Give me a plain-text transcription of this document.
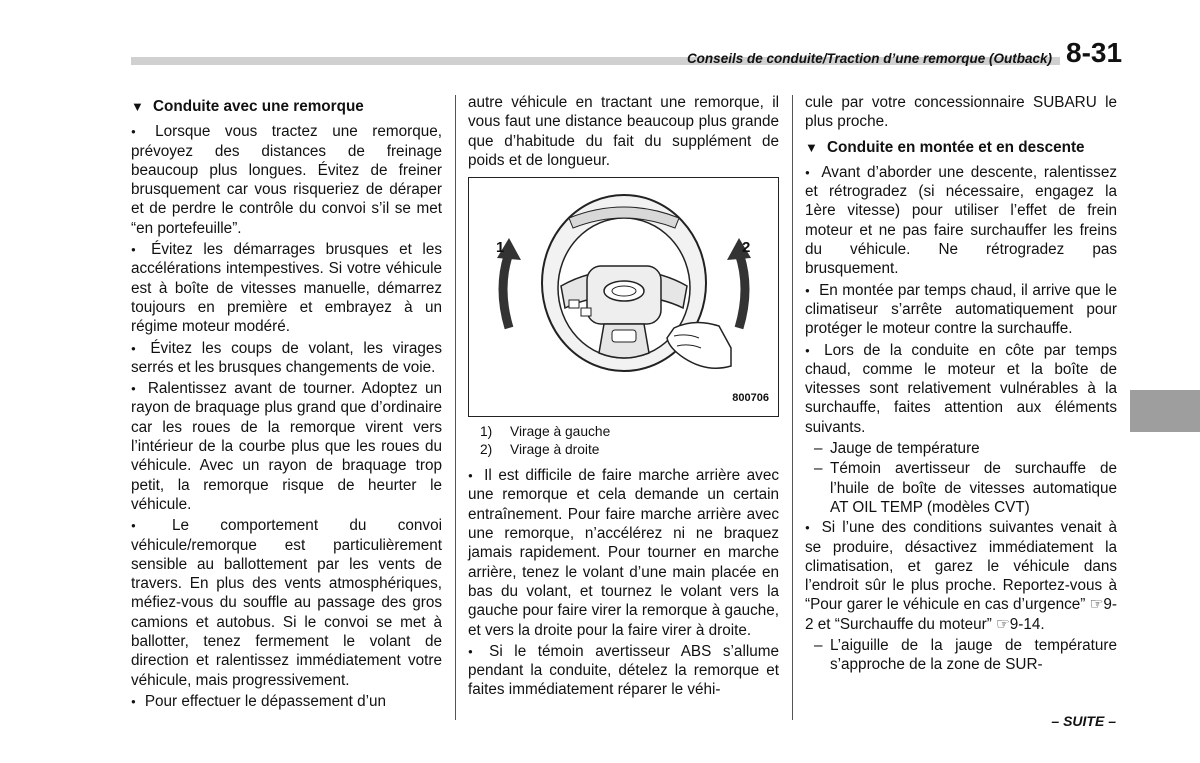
Conseils de conduite/Traction d’une remorque (Outback) 8-31
▼ Conduite avec une remorque

● Lorsque vous tractez une remorque, prévoyez des distances de freinage beaucoup plus longues. Évitez de freiner brusquement car vous risqueriez de déraper et de perdre le contrôle du convoi s’il se met “en portefeuille”.

● Évitez les démarrages brusques et les accélérations intempestives. Si votre véhicule est à boîte de vitesses manuelle, démarrez toujours en première et embrayez à un régime moteur modéré.

● Évitez les coups de volant, les virages serrés et les brusques changements de voie.

● Ralentissez avant de tourner. Adoptez un rayon de braquage plus grand que d’ordinaire car les roues de la remorque virent vers l’intérieur de la courbe plus que les roues du véhicule. Avec un rayon de braquage trop petit, la remorque risque de heurter le véhicule.

● Le comportement du convoi véhicule/remorque est particulièrement sensible au ballottement par les vents de travers. En plus des vents atmosphériques, méfiez-vous du souffle au passage des gros camions et autobus. Si le convoi se met à ballotter, tenez fermement le volant de direction et ralentissez immédiatement votre véhicule, mais progressivement.

● Pour effectuer le dépassement d’un

autre véhicule en tractant une remorque, il vous faut une distance beaucoup plus grande que d’habitude du fait du supplément de poids et de longueur.

1	2
800706
1) Virage à gauche
2) Virage à droite

● Il est difficile de faire marche arrière avec une remorque et cela demande un certain entraînement. Pour faire marche arrière avec une remorque, n’accélérez ni ne braquez jamais rapidement. Pour tourner en marche arrière, tenez le volant d’une main placée en bas du volant, et tournez le volant vers la gauche pour faire virer la remorque à gauche, et vers la droite pour la faire virer à droite.

● Si le témoin avertisseur ABS s’allume pendant la conduite, dételez la remorque et faites immédiatement réparer le véhi-

cule par votre concessionnaire SUBARU le plus proche.

▼ Conduite en montée et en descente

● Avant d’aborder une descente, ralentissez et rétrogradez (si nécessaire, engagez la 1ère vitesse) pour utiliser l’effet de frein moteur et ne pas faire surchauffer les freins du véhicule. Ne rétrogradez pas brusquement.

● En montée par temps chaud, il arrive que le climatiseur s’arrête automatiquement pour protéger le moteur contre la surchauffe.

● Lors de la conduite en côte par temps chaud, comme le moteur et la boîte de vitesses sont relativement vulnérables à la surchauffe, faites attention aux éléments suivants.

– Jauge de température

– Témoin avertisseur de surchauffe de l’huile de boîte de vitesses automatique AT OIL TEMP (modèles CVT)

● Si l’une des conditions suivantes venait à se produire, désactivez immédiatement la climatisation, et garez le véhicule dans l’endroit sûr le plus proche. Reportez-vous à “Pour garer le véhicule en cas d’urgence” ☞9-2 et “Surchauffe du moteur” ☞9-14.

– L’aiguille de la jauge de température s’approche de la zone de SUR-

– SUITE –
